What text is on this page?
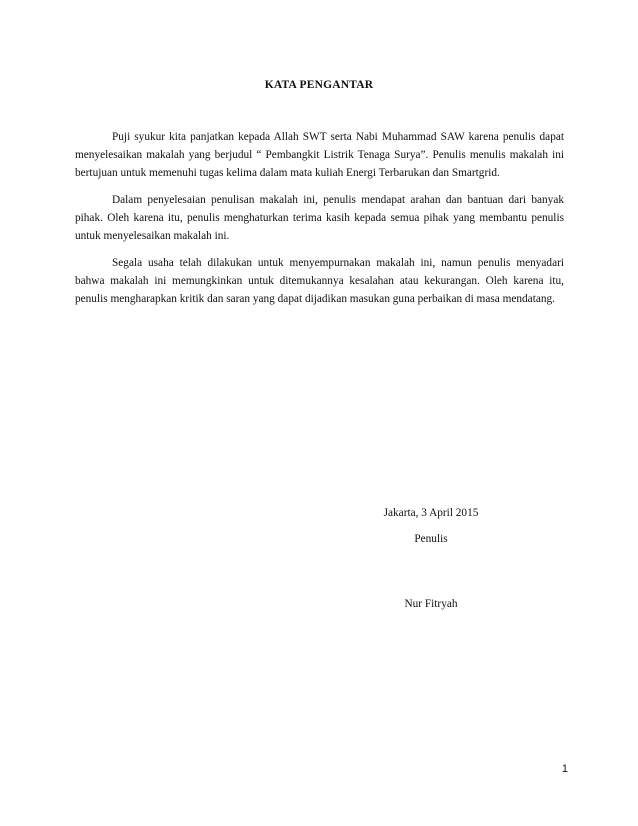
KATA PENGANTAR

Puji syukur kita panjatkan kepada Allah SWT serta Nabi Muhammad SAW karena penulis dapat menyelesaikan makalah yang berjudul “ Pembangkit Listrik Tenaga Surya”. Penulis menulis makalah ini bertujuan untuk memenuhi tugas kelima dalam mata kuliah Energi Terbarukan dan Smartgrid.

Dalam penyelesaian penulisan makalah ini, penulis mendapat arahan dan bantuan dari banyak pihak. Oleh karena itu, penulis menghaturkan terima kasih kepada semua pihak yang membantu penulis untuk menyelesaikan makalah ini.

Segala usaha telah dilakukan untuk menyempurnakan makalah ini, namun penulis menyadari bahwa makalah ini memungkinkan untuk ditemukannya kesalahan atau kekurangan. Oleh karena itu, penulis mengharapkan kritik dan saran yang dapat dijadikan masukan guna perbaikan di masa mendatang.

Jakarta, 3 April 2015
Penulis
Nur Fitryah
1
